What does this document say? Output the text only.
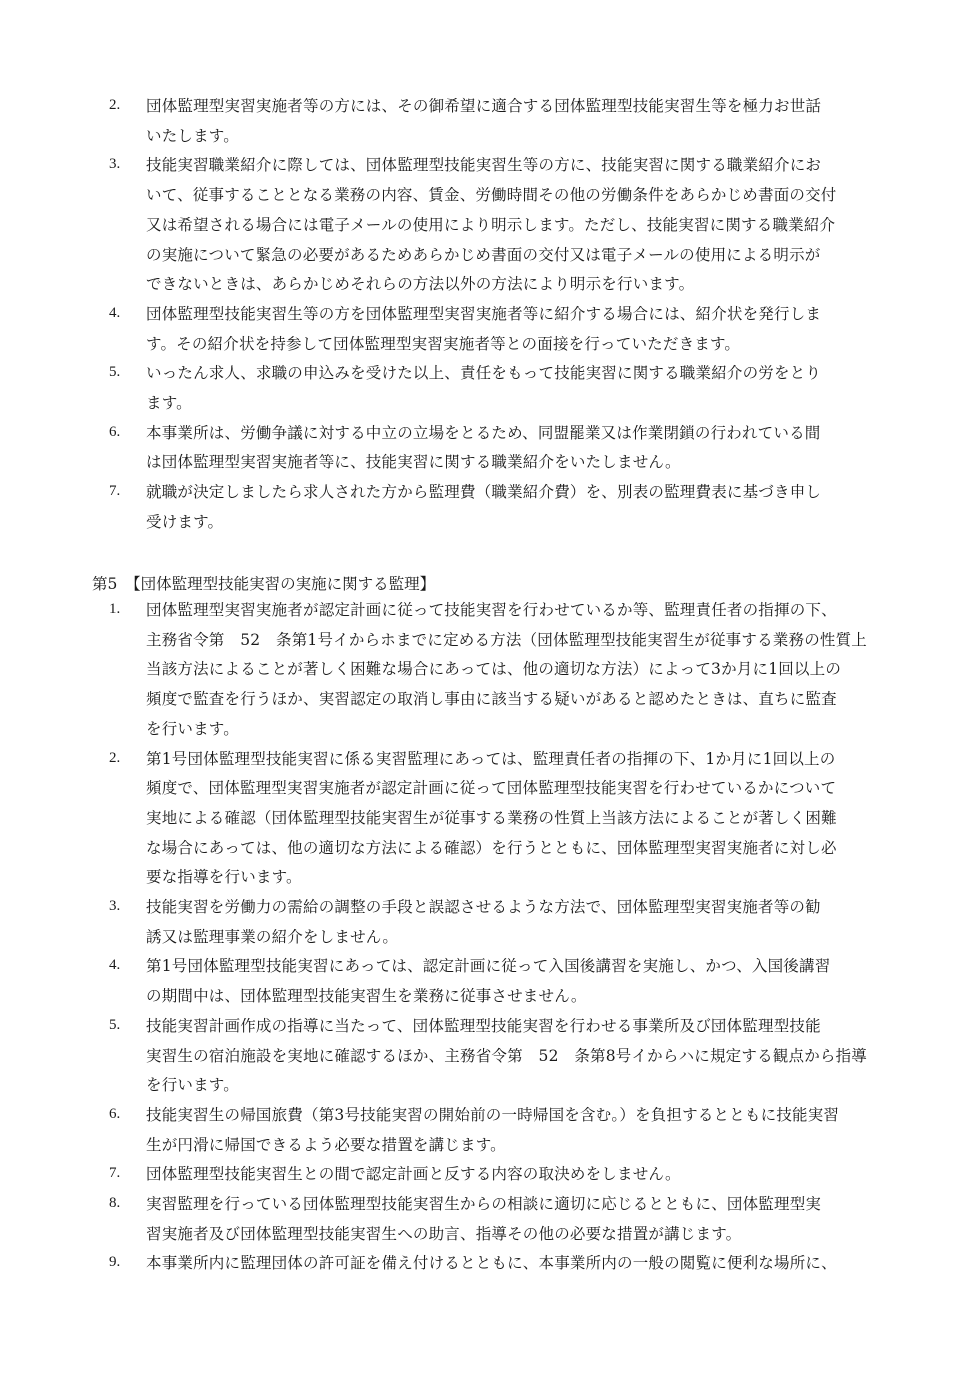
2.	団体監理型実習実施者等の方には、その御希望に適合する団体監理型技能実習生等を極力お世話
いたします。
3.	技能実習職業紹介に際しては、団体監理型技能実習生等の方に、技能実習に関する職業紹介にお
いて、従事することとなる業務の内容、賃金、労働時間その他の労働条件をあらかじめ書面の交付
又は希望される場合には電子メールの使用により明示します。ただし、技能実習に関する職業紹介
の実施について緊急の必要があるためあらかじめ書面の交付又は電子メールの使用による明示が
できないときは、あらかじめそれらの方法以外の方法により明示を行います。
4.	団体監理型技能実習生等の方を団体監理型実習実施者等に紹介する場合には、紹介状を発行しま
す。その紹介状を持参して団体監理型実習実施者等との面接を行っていただきます。
5.	いったん求人、求職の申込みを受けた以上、責任をもって技能実習に関する職業紹介の労をとり
ます。
6.	本事業所は、労働争議に対する中立の立場をとるため、同盟罷業又は作業閉鎖の行われている間
は団体監理型実習実施者等に、技能実習に関する職業紹介をいたしません。
7.	就職が決定しましたら求人された方から監理費（職業紹介費）を、別表の監理費表に基づき申し
受けます。
第5　【団体監理型技能実習の実施に関する監理】
1.	団体監理型実習実施者が認定計画に従って技能実習を行わせているか等、監理責任者の指揮の下、
主務省令第　52　条第1号イからホまでに定める方法（団体監理型技能実習生が従事する業務の性質上
当該方法によることが著しく困難な場合にあっては、他の適切な方法）によって3か月に1回以上の
頻度で監査を行うほか、実習認定の取消し事由に該当する疑いがあると認めたときは、直ちに監査
を行います。
2.	第1号団体監理型技能実習に係る実習監理にあっては、監理責任者の指揮の下、1か月に1回以上の
頻度で、団体監理型実習実施者が認定計画に従って団体監理型技能実習を行わせているかについて
実地による確認（団体監理型技能実習生が従事する業務の性質上当該方法によることが著しく困難
な場合にあっては、他の適切な方法による確認）を行うとともに、団体監理型実習実施者に対し必
要な指導を行います。
3.	技能実習を労働力の需給の調整の手段と誤認させるような方法で、団体監理型実習実施者等の勧
誘又は監理事業の紹介をしません。
4.	第1号団体監理型技能実習にあっては、認定計画に従って入国後講習を実施し、かつ、入国後講習
の期間中は、団体監理型技能実習生を業務に従事させません。
5.	技能実習計画作成の指導に当たって、団体監理型技能実習を行わせる事業所及び団体監理型技能
実習生の宿泊施設を実地に確認するほか、主務省令第　52　条第8号イからハに規定する観点から指導
を行います。
6.	技能実習生の帰国旅費（第3号技能実習の開始前の一時帰国を含む。）を負担するとともに技能実習
生が円滑に帰国できるよう必要な措置を講じます。
7.	団体監理型技能実習生との間で認定計画と反する内容の取決めをしません。
8.	実習監理を行っている団体監理型技能実習生からの相談に適切に応じるとともに、団体監理型実
習実施者及び団体監理型技能実習生への助言、指導その他の必要な措置が講じます。
9.	本事業所内に監理団体の許可証を備え付けるとともに、本事業所内の一般の閲覧に便利な場所に、
